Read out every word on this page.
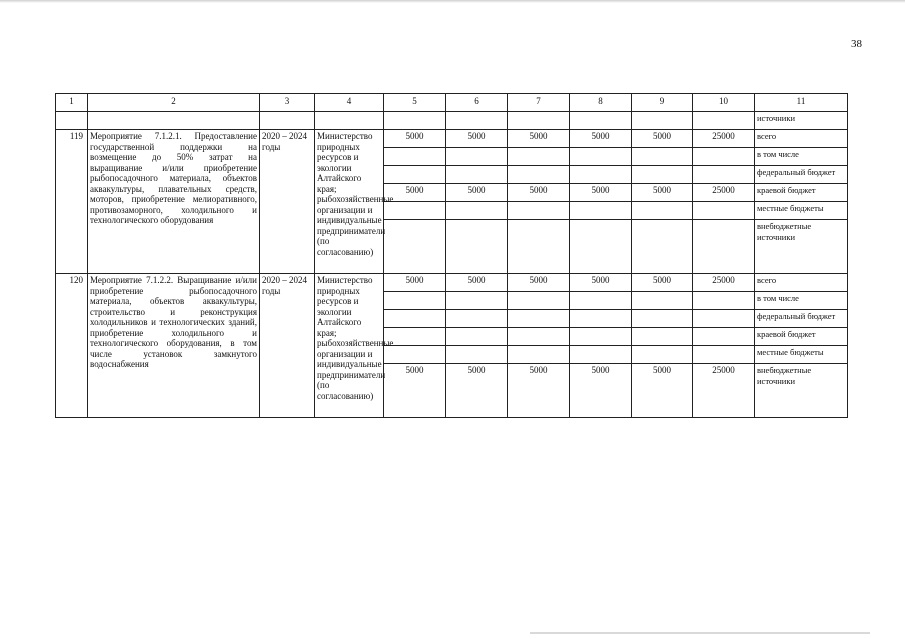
38
1	2	3	4	5	6	7	8	9	10	11
										источники
119	Мероприятие 7.1.2.1. Предоставление государственной поддержки на возмещение до 50% затрат на выращивание и/или приобретение рыбопосадочного материала, объектов аквакультуры, плавательных средств, моторов, приобретение мелиоративного, противозаморного, холодильного и технологического оборудования	2020 – 2024 годы	Министерство природных ресурсов и экологии Алтайского края; рыбохозяйственные организации и индивидуальные предприниматели (по согласованию)	5000	5000	5000	5000	5000	25000	всего
										в том числе
										федеральный бюджет
				5000	5000	5000	5000	5000	25000	краевой бюджет
										местные бюджеты
										внебюджетные источники
120	Мероприятие 7.1.2.2. Выращивание и/или приобретение рыбопосадочного материала, объектов аквакультуры, строительство и реконструкция холодильников и технологических зданий, приобретение холодильного и технологического оборудования, в том числе установок замкнутого водоснабжения	2020 – 2024 годы	Министерство природных ресурсов и экологии Алтайского края; рыбохозяйственные организации и индивидуальные предприниматели (по согласованию)	5000	5000	5000	5000	5000	25000	всего
										в том числе
										федеральный бюджет
										краевой бюджет
										местные бюджеты
				5000	5000	5000	5000	5000	25000	внебюджетные источники
